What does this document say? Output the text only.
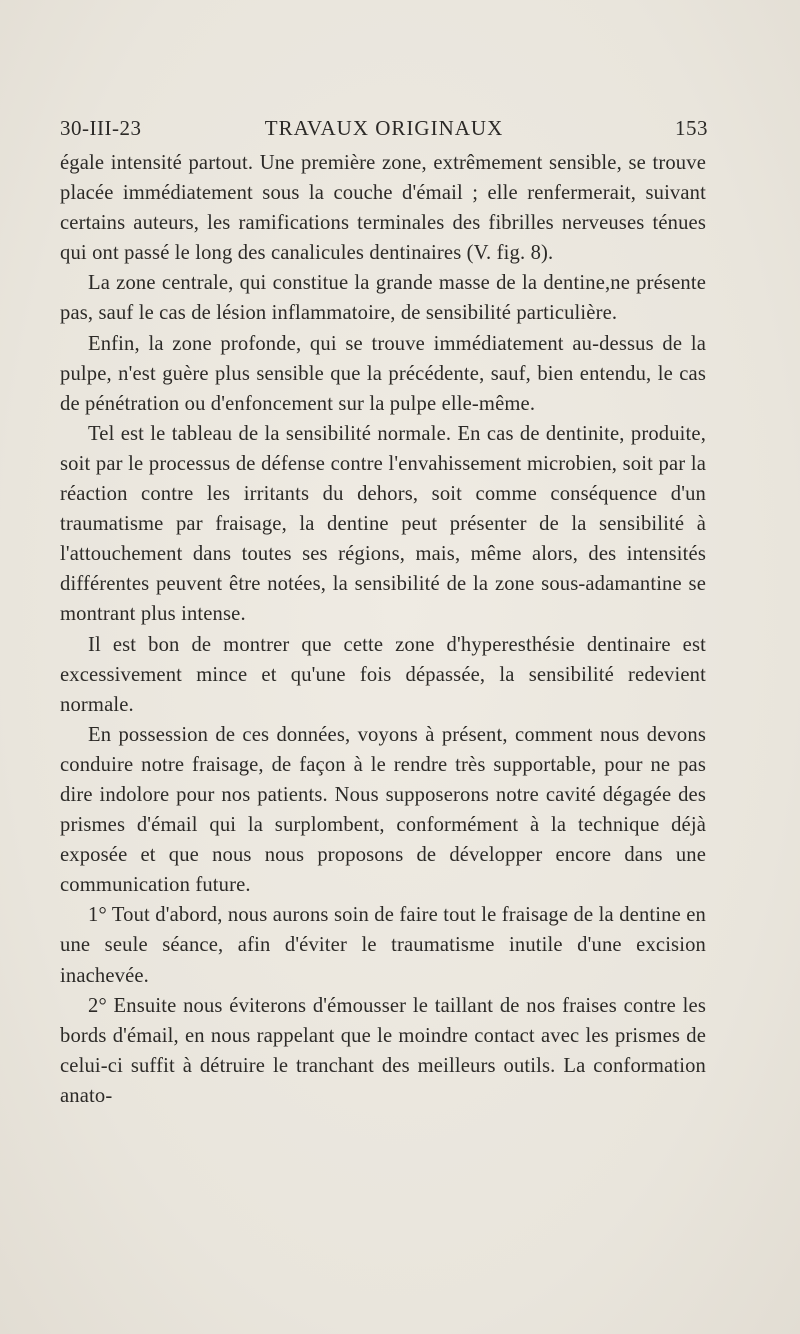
30-III-23	TRAVAUX ORIGINAUX	153

égale intensité partout. Une première zone, extrêmement sensible, se trouve placée immédiatement sous la couche d'émail ; elle renfermerait, suivant certains auteurs, les ramifications terminales des fibrilles nerveuses ténues qui ont passé le long des canalicules dentinaires (V. fig. 8).

La zone centrale, qui constitue la grande masse de la dentine,ne présente pas, sauf le cas de lésion inflammatoire, de sensibilité particulière.

Enfin, la zone profonde, qui se trouve immédiatement au-dessus de la pulpe, n'est guère plus sensible que la précédente, sauf, bien entendu, le cas de pénétration ou d'enfoncement sur la pulpe elle-même.

Tel est le tableau de la sensibilité normale. En cas de dentinite, produite, soit par le processus de défense contre l'envahissement microbien, soit par la réaction contre les irritants du dehors, soit comme conséquence d'un traumatisme par fraisage, la dentine peut présenter de la sensibilité à l'attouchement dans toutes ses régions, mais, même alors, des intensités différentes peuvent être notées, la sensibilité de la zone sous-adamantine se montrant plus intense.

Il est bon de montrer que cette zone d'hyperesthésie dentinaire est excessivement mince et qu'une fois dépassée, la sensibilité redevient normale.

En possession de ces données, voyons à présent, comment nous devons conduire notre fraisage, de façon à le rendre très supportable, pour ne pas dire indolore pour nos patients. Nous supposerons notre cavité dégagée des prismes d'émail qui la surplombent, conformément à la technique déjà exposée et que nous nous proposons de développer encore dans une communication future.

1° Tout d'abord, nous aurons soin de faire tout le fraisage de la dentine en une seule séance, afin d'éviter le traumatisme inutile d'une excision inachevée.

2° Ensuite nous éviterons d'émousser le taillant de nos fraises contre les bords d'émail, en nous rappelant que le moindre contact avec les prismes de celui-ci suffit à détruire le tranchant des meilleurs outils. La conformation anato-
